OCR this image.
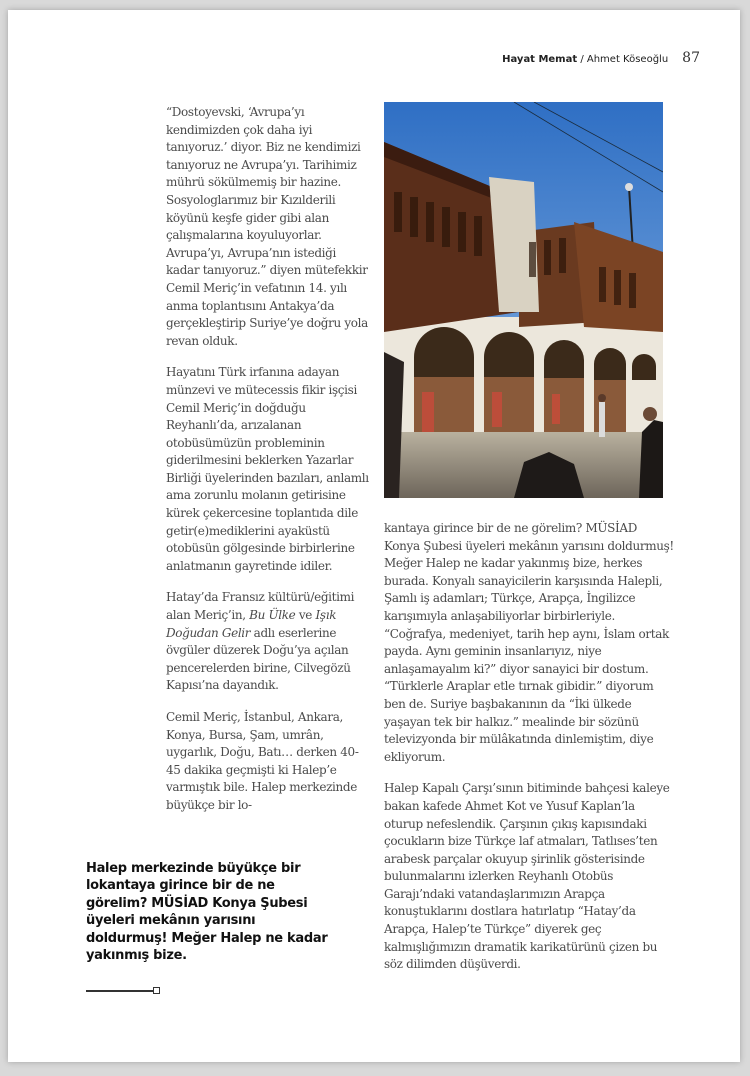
Hayat Memat / Ahmet Köseoğlu 87

“Dostoyevski, ‘Avrupa’yı kendimizden çok daha iyi tanıyoruz.’ diyor. Biz ne kendimizi tanıyoruz ne Avrupa’yı. Tarihimiz mührü sökülmemiş bir hazine. Sosyologlarımız bir Kızılderili köyünü keşfe gider gibi alan çalışmalarına koyuluyorlar. Avrupa’yı, Avrupa’nın istediği kadar tanıyoruz.” diyen mütefekkir Cemil Meriç’in vefatının 14. yılı anma toplantısını Antakya’da gerçekleştirip Suriye’ye doğru yola revan olduk.

Hayatını Türk irfanına adayan münzevi ve mütecessis fikir işçisi Cemil Meriç’in doğduğu Reyhanlı’da, arızalanan otobüsümüzün probleminin giderilmesini beklerken Yazarlar Birliği üyelerinden bazıları, anlamlı ama zorunlu molanın getirisine kürek çekercesine toplantıda dile getir(e)mediklerini ayaküstü otobüsün gölgesinde birbirlerine anlatmanın gayretinde idiler.

Hatay’da Fransız kültürü/eğitimi alan Meriç’in, Bu Ülke ve Işık Doğudan Gelir adlı eserlerine övgüler düzerek Doğu’ya açılan pencerelerden birine, Cilvegözü Kapısı’na dayandık.

Cemil Meriç, İstanbul, Ankara, Konya, Bursa, Şam, umrân, uygarlık, Doğu, Batı… derken 40-45 dakika geçmişti ki Halep’e varmıştık bile. Halep merkezinde büyükçe bir lo-

kantaya girince bir de ne görelim? MÜSİAD Konya Şubesi üyeleri mekânın yarısını doldurmuş! Meğer Halep ne kadar yakınmış bize, herkes burada. Konyalı sanayicilerin karşısında Halepli, Şamlı iş adamları; Türkçe, Arapça, İngilizce karışımıyla anlaşabiliyorlar birbirleriyle. “Coğrafya, medeniyet, tarih hep aynı, İslam ortak payda. Aynı geminin insanlarıyız, niye anlaşamayalım ki?” diyor sanayici bir dostum. “Türklerle Araplar etle tırnak gibidir.” diyorum ben de. Suriye başbakanının da “İki ülkede yaşayan tek bir halkız.” mealinde bir sözünü televizyonda bir mülâkatında dinlemiştim, diye ekliyorum.

Halep Kapalı Çarşı’sının bitiminde bahçesi kaleye bakan kafede Ahmet Kot ve Yusuf Kaplan’la oturup nefeslendik. Çarşının çıkış kapısındaki çocukların bize Türkçe laf atmaları, Tatlıses’ten arabesk parçalar okuyup şirinlik gösterisinde bulunmalarını izlerken Reyhanlı Otobüs Garajı’ndaki vatandaşlarımızın Arapça konuştuklarını dostlara hatırlatıp “Hatay’da Arapça, Halep’te Türkçe” diyerek geç kalmışlığımızın dramatik karikatürünü çizen bu söz dilimden düşüverdi.

Halep merkezinde büyükçe bir lokantaya girince bir de ne görelim? MÜSİAD Konya Şubesi üyeleri mekânın yarısını doldurmuş! Meğer Halep ne kadar yakınmış bize.
